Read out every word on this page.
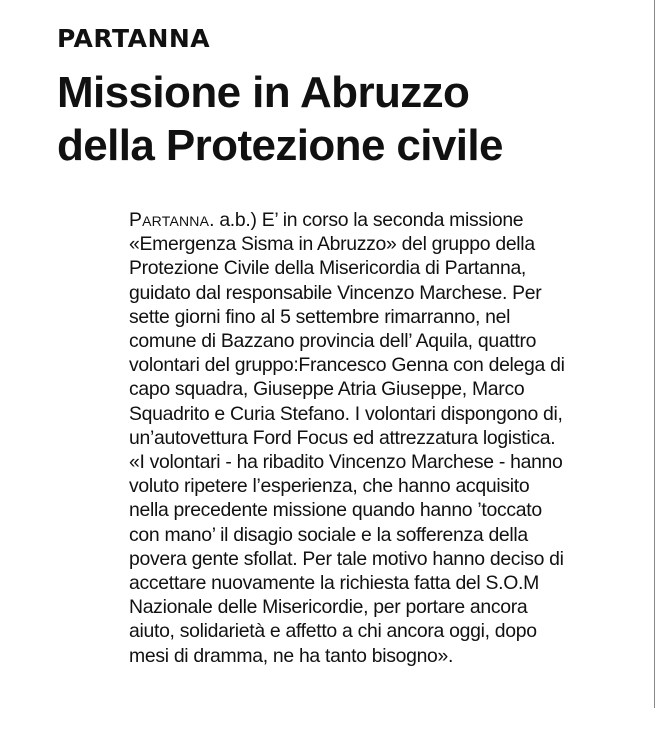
PARTANNA
Missione in Abruzzo
della Protezione civile
Partanna. a.b.) E’ in corso la seconda missione
«Emergenza Sisma in Abruzzo» del gruppo della
Protezione Civile della Misericordia di Partanna,
guidato dal responsabile Vincenzo Marchese. Per
sette giorni fino al 5 settembre rimarranno, nel
comune di Bazzano provincia dell’ Aquila, quattro
volontari del gruppo:Francesco Genna con delega di
capo squadra, Giuseppe Atria Giuseppe, Marco
Squadrito e Curia Stefano. I volontari dispongono di,
un’autovettura Ford Focus ed attrezzatura logistica.
«I volontari - ha ribadito Vincenzo Marchese - hanno
voluto ripetere l’esperienza, che hanno acquisito
nella precedente missione quando hanno ’toccato
con mano’ il disagio sociale e la sofferenza della
povera gente sfollat. Per tale motivo hanno deciso di
accettare nuovamente la richiesta fatta del S.O.M
Nazionale delle Misericordie, per portare ancora
aiuto, solidarietà e affetto a chi ancora oggi, dopo
mesi di dramma, ne ha tanto bisogno».
